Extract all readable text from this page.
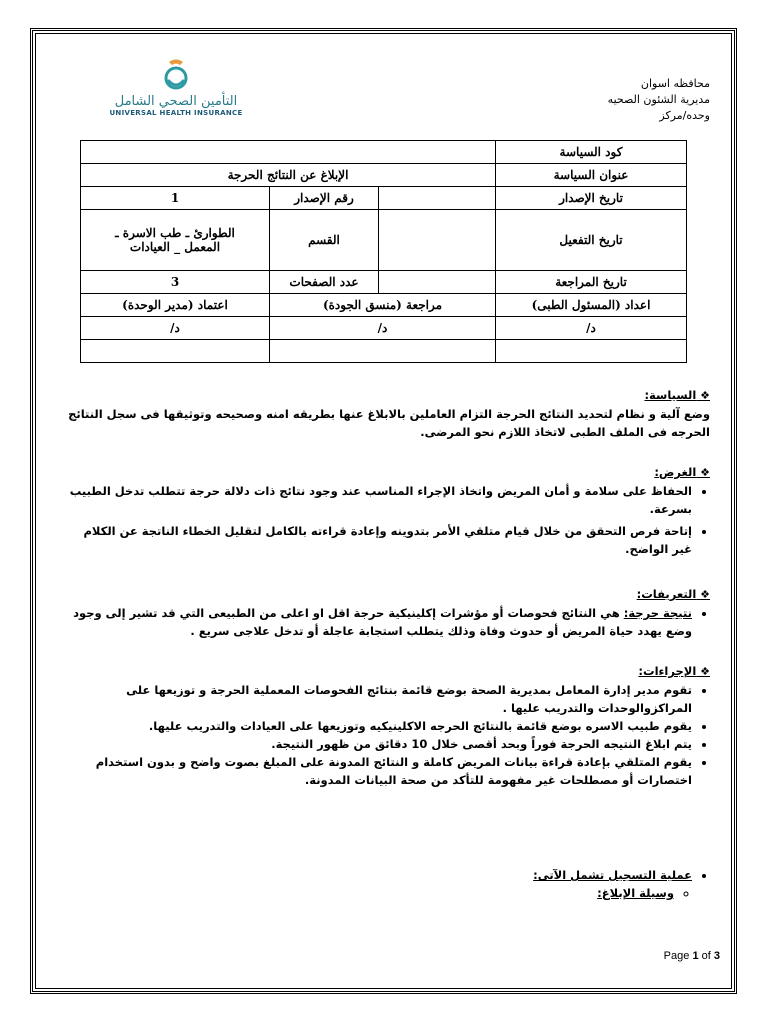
التأمين الصحي الشامل
UNIVERSAL HEALTH INSURANCE
محافظه اسوان
مديرية الشئون الصحيه
وحده/مركز
كود السياسة			
عنوان السياسة	الإبلاغ عن النتائج الحرجة		
تاريخ الإصدار		رقم الإصدار	1
تاريخ التفعيل		القسم	الطوارئ ـ طب الاسرة ـ
المعمل _ العيادات

تاريخ المراجعة		عدد الصفحات	3
اعداد (المسئول الطبى)	مراجعة (منسق الجودة)		اعتماد (مدير الوحدة)
د/	د/		د/

❖ السياسة:
وضع آلية و نظام لتحديد النتائج الحرجة التزام العاملين بالابلاغ عنها بطريقه امنه وصحيحه وتوثيقها فى سجل النتائج الحرجه فى الملف الطبى لاتخاذ اللازم نحو المرضى.
❖ الغرض:
• الحفاظ على سلامة و أمان المريض واتخاذ الإجراء المناسب عند وجود نتائج ذات دلالة حرجة تتطلب تدخل الطبيب بسرعة.
• إتاحة فرص التحقق من خلال قيام متلقي الأمر بتدوينه وإعادة قراءته بالكامل لتقليل الخطاء الناتجة عن الكلام غير الواضح.
❖ التعريفات:
• نتيجة حرجة: هي النتائج فحوصات أو مؤشرات إكلينيكية حرجة اقل او اعلى من الطبيعى التي قد تشير إلى وجود وضع يهدد حياة المريض أو حدوث وفاة وذلك يتطلب استجابة عاجلة أو تدخل علاجى سريع .
❖ الإجراءات:
• تقوم مدير إدارة المعامل بمديرية الصحة بوضع قائمة بنتائج الفحوصات المعملية الحرجة و توزيعها على المراكزوالوحدات والتدريب عليها .
• يقوم طبيب الاسره بوضع قائمة بالنتائج الحرجه الاكلينيكيه وتوزيعها على العيادات والتدريب عليها.
• يتم ابلاغ النتيجه الحرجة فوراً وبحد أقصى خلال 10 دقائق من ظهور النتيجة.
• يقوم المتلقي بإعادة قراءة بيانات المريض كاملة و النتائج المدونة على المبلغ بصوت واضح و بدون استخدام اختصارات أو مصطلحات غير مفهومة للتأكد من صحة البيانات المدونة.
• عملية التسجيل تشمل الآتى:
◦ وسيلة الإبلاغ:
Page 1 of 3
